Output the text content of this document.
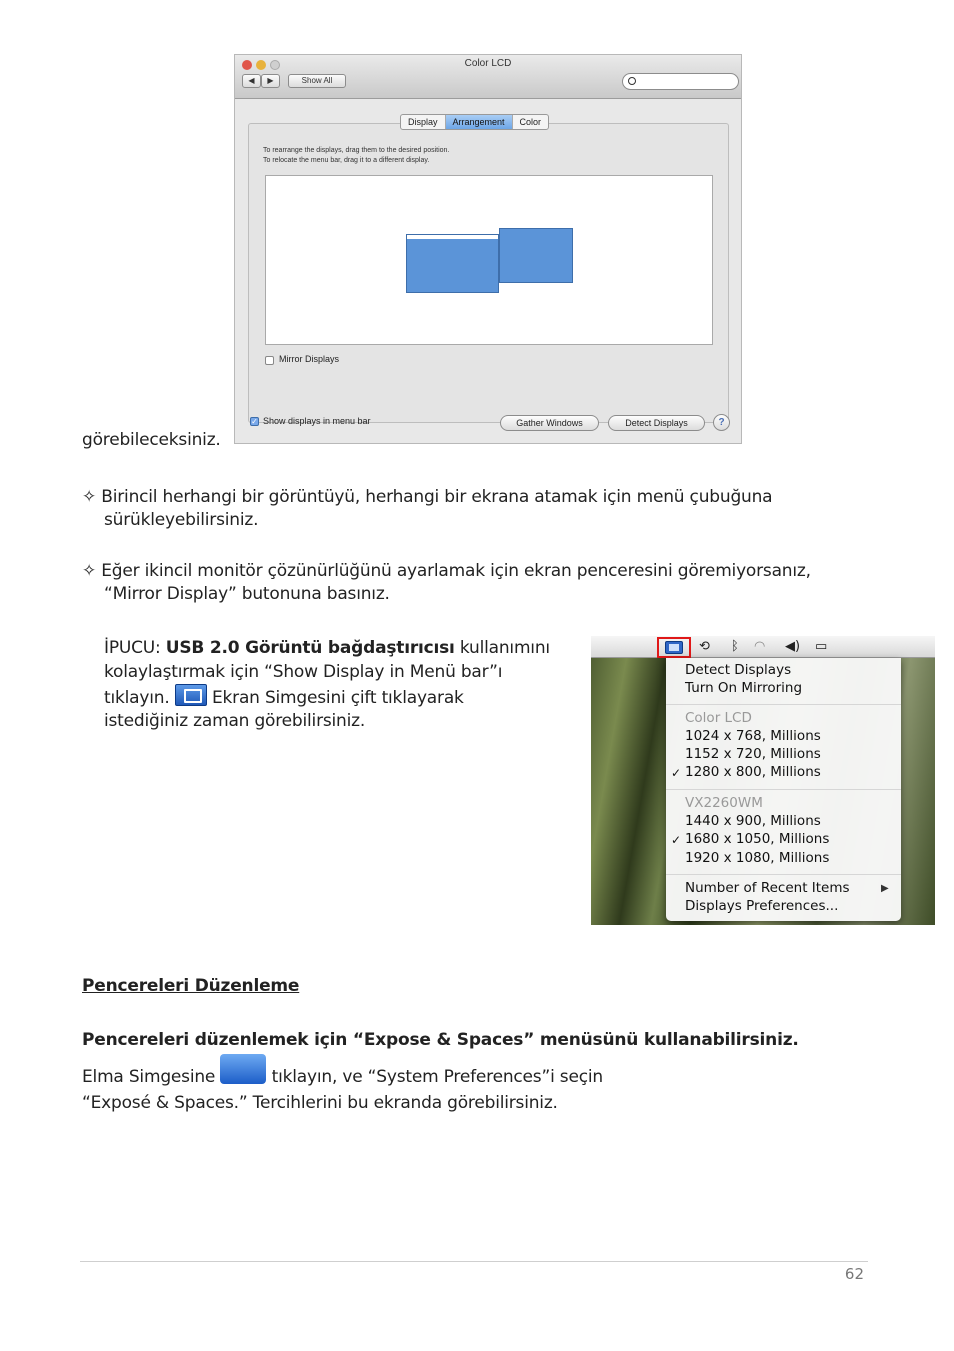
Color LCD
◀	▶	Show All
Display	Arrangement	Color
To rearrange the displays, drag them to the desired position.
To relocate the menu bar, drag it to a different display.
Mirror Displays
✓ Show displays in menu bar	Gather Windows	Detect Displays	?
görebileceksiniz.
✧ Birincil herhangi bir görüntüyü, herhangi bir ekrana atamak için menü çubuğuna
sürükleyebilirsiniz.
✧ Eğer ikincil monitör çözünürlüğünü ayarlamak için ekran penceresini göremiyorsanız,
“Mirror Display” butonuna basınız.
İPUCU: USB 2.0 Görüntü bağdaştırıcısı kullanımını
kolaylaştırmak için “Show Display in Menü bar”ı
tıklayın.  Ekran Simgesini çift tıklayarak
istediğiniz zaman görebilirsiniz.
⟲ ᛒ ◠ ◀) ▭
Detect Displays
Turn On Mirroring
Color LCD
1024 x 768, Millions
1152 x 720, Millions
✓ 1280 x 800, Millions
VX2260WM
1440 x 900, Millions
✓ 1680 x 1050, Millions
1920 x 1080, Millions
Number of Recent Items	▶
Displays Preferences...
Pencereleri Düzenleme
Pencereleri düzenlemek için “Expose & Spaces” menüsünü kullanabilirsiniz.
Elma Simgesine	tıklayın, ve “System Preferences”i seçin
“Exposé & Spaces.” Tercihlerini bu ekranda görebilirsiniz.
62
